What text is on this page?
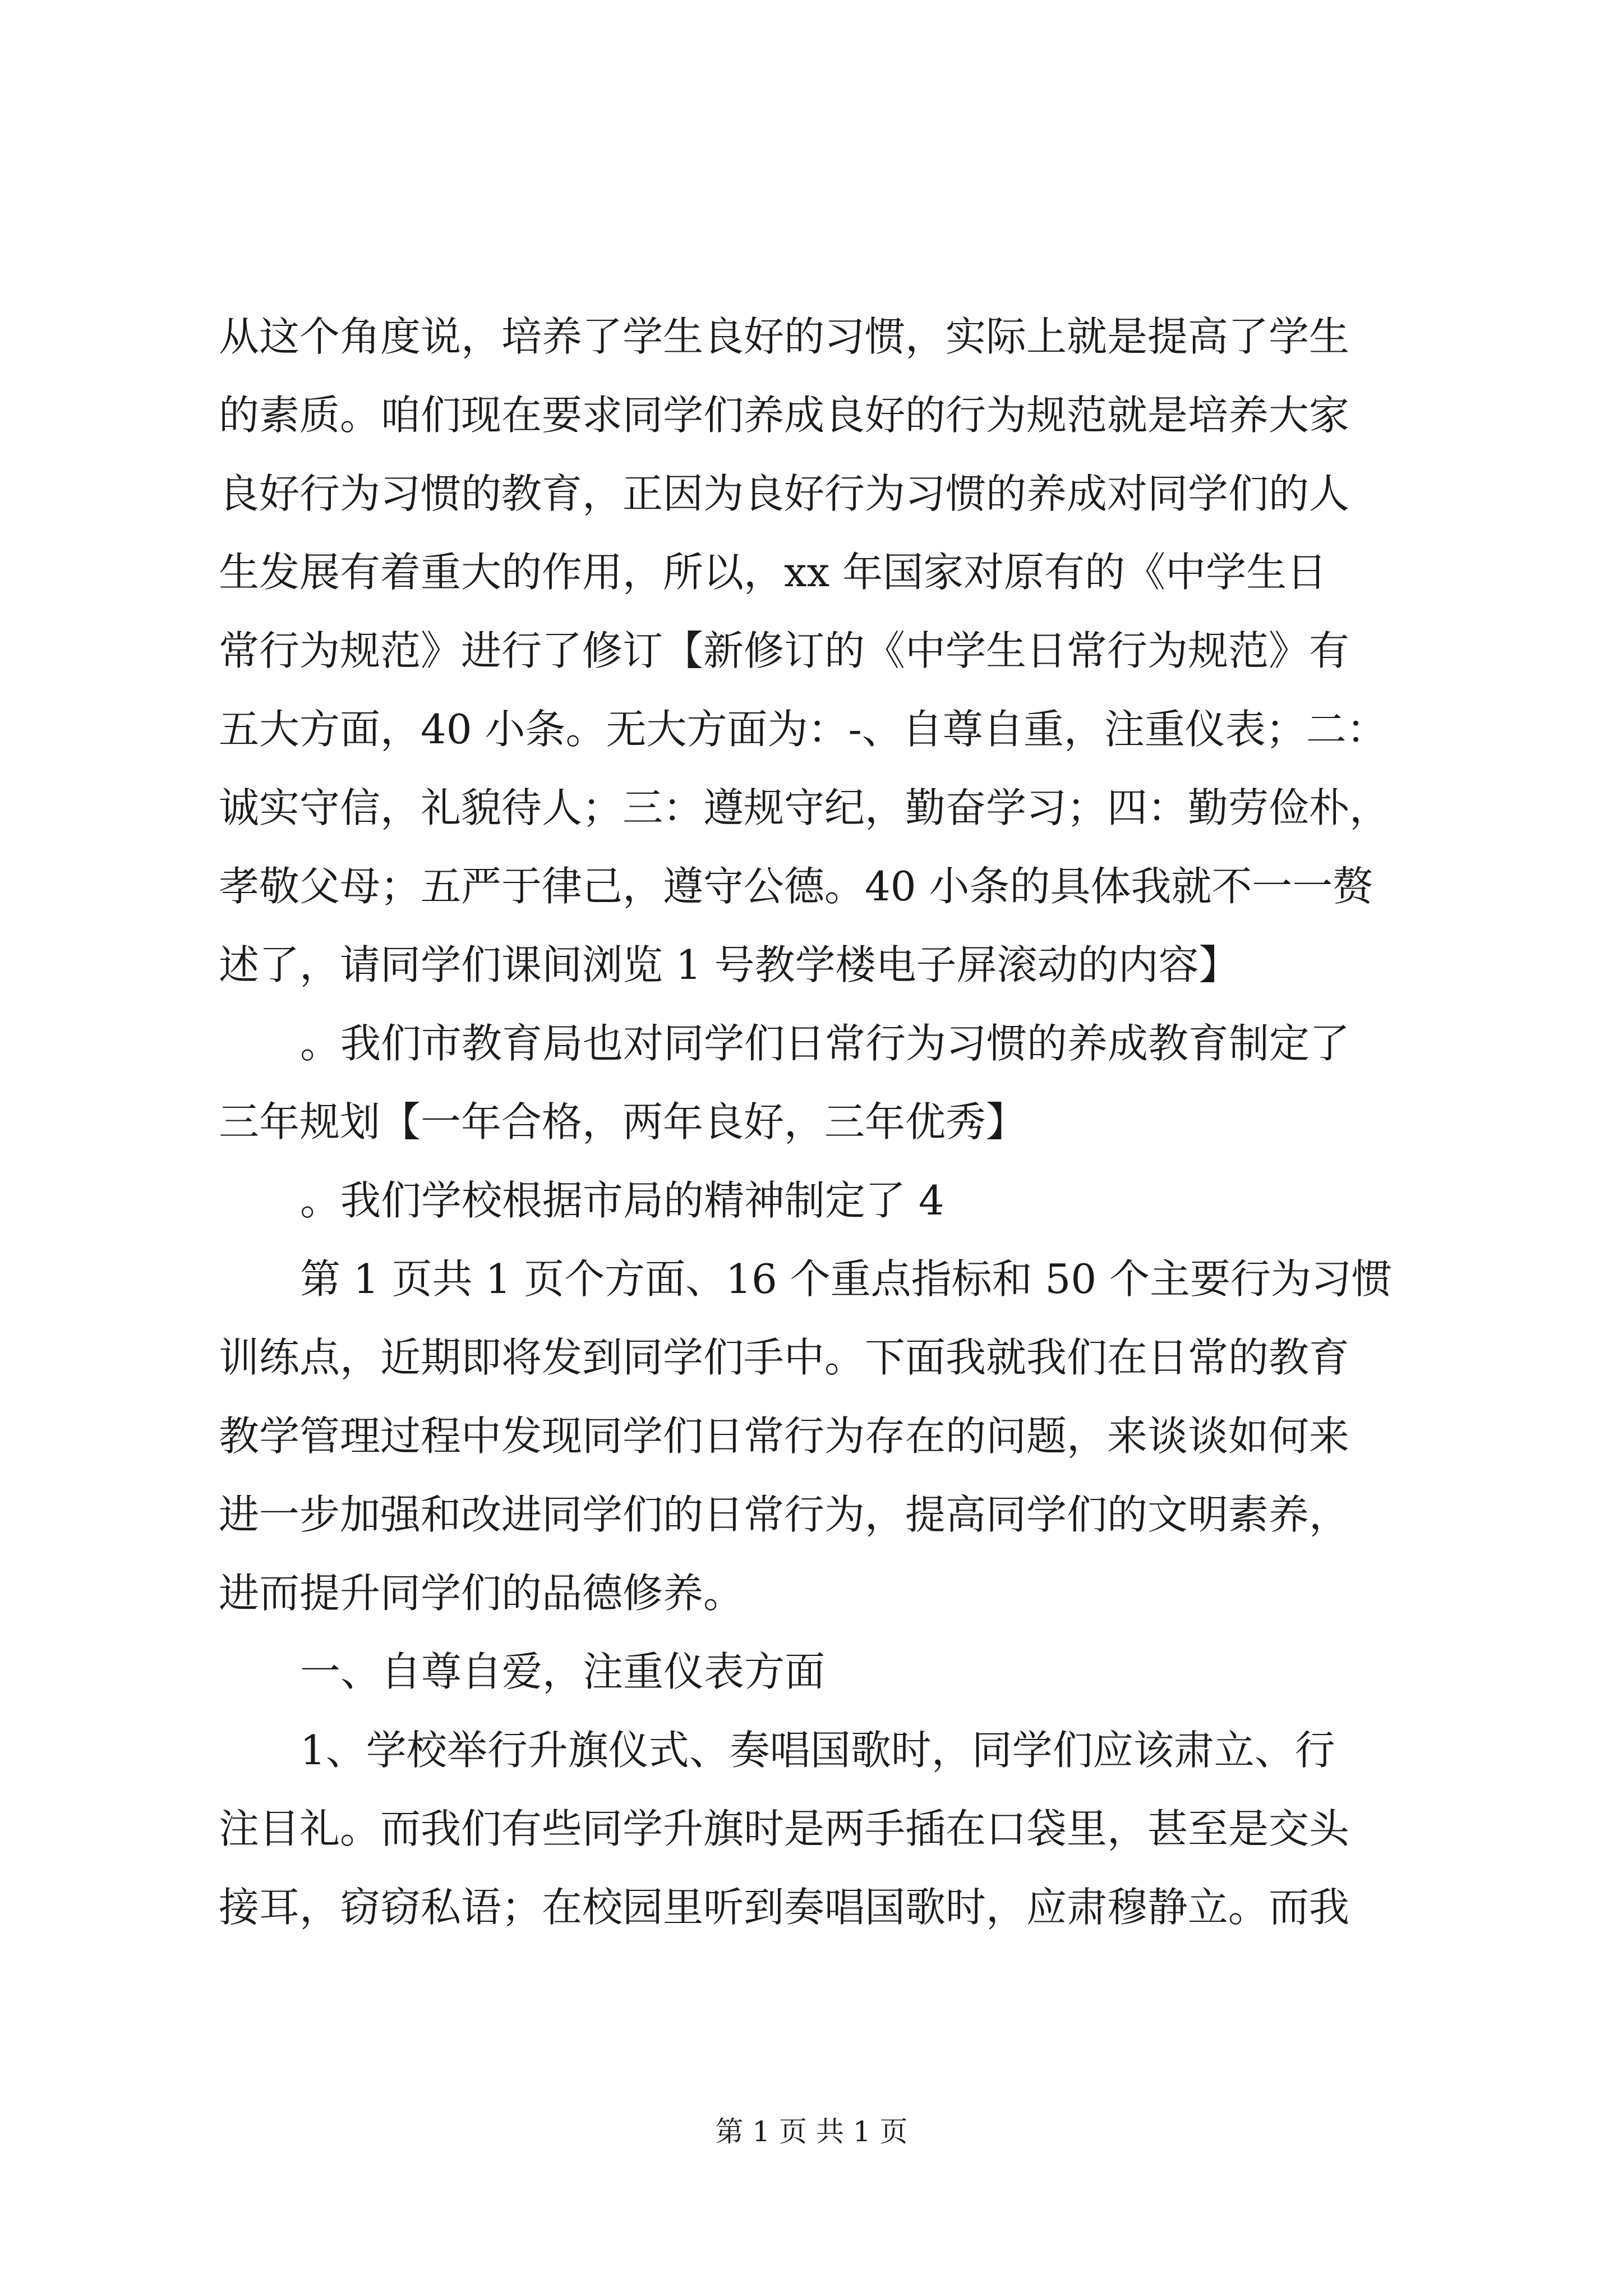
从这个角度说，培养了学生良好的习惯，实际上就是提高了学生
的素质。咱们现在要求同学们养成良好的行为规范就是培养大家
良好行为习惯的教育，正因为良好行为习惯的养成对同学们的人
生发展有着重大的作用，所以，xx 年国家对原有的《中学生日
常行为规范》进行了修订【新修订的《中学生日常行为规范》有
五大方面，40 小条。无大方面为：-、自尊自重，注重仪表；二：
诚实守信，礼貌待人；三：遵规守纪，勤奋学习；四：勤劳俭朴，
孝敬父母；五严于律己，遵守公德。40 小条的具体我就不一一赘
述了，请同学们课间浏览 1 号教学楼电子屏滚动的内容】
。我们市教育局也对同学们日常行为习惯的养成教育制定了
三年规划【一年合格，两年良好，三年优秀】
。我们学校根据市局的精神制定了 4
第 1 页共 1 页个方面、16 个重点指标和 50 个主要行为习惯
训练点，近期即将发到同学们手中。下面我就我们在日常的教育
教学管理过程中发现同学们日常行为存在的问题，来谈谈如何来
进一步加强和改进同学们的日常行为，提高同学们的文明素养，
进而提升同学们的品德修养。
一、自尊自爱，注重仪表方面
1、学校举行升旗仪式、奏唱国歌时，同学们应该肃立、行
注目礼。而我们有些同学升旗时是两手插在口袋里，甚至是交头
接耳，窃窃私语；在校园里听到奏唱国歌时，应肃穆静立。而我
第 1 页 共 1 页
